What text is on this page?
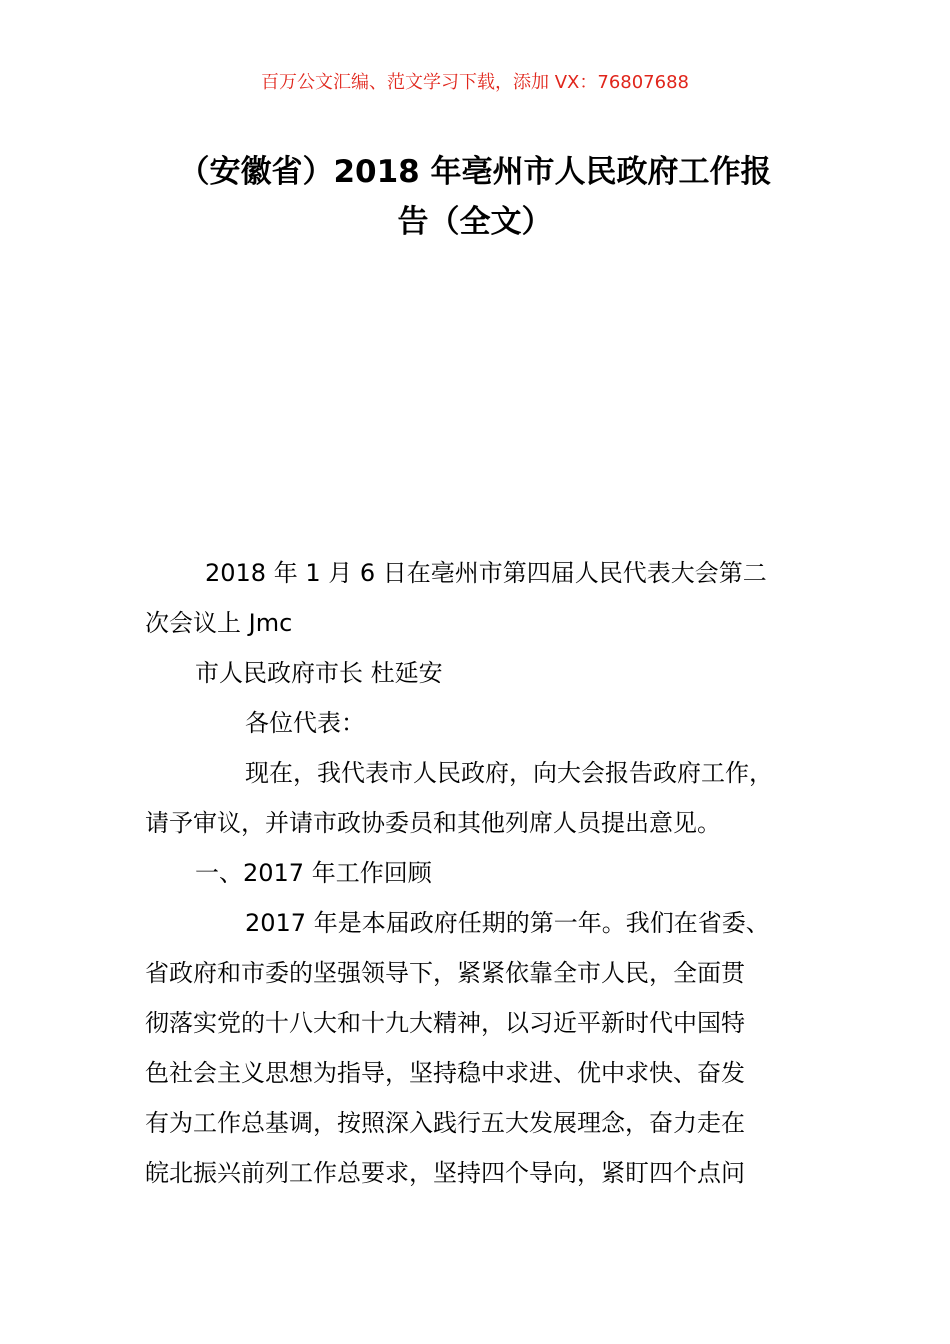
百万公文汇编、范文学习下载，添加 VX：76807688
（安徽省）2018 年亳州市人民政府工作报
告（全文）

2018 年 1 月 6 日在亳州市第四届人民代表大会第二

次会议上 Jmc

市人民政府市长 杜延安

各位代表：

现在，我代表市人民政府，向大会报告政府工作，

请予审议，并请市政协委员和其他列席人员提出意见。

一、2017 年工作回顾

2017 年是本届政府任期的第一年。我们在省委、

省政府和市委的坚强领导下，紧紧依靠全市人民，全面贯

彻落实党的十八大和十九大精神，以习近平新时代中国特

色社会主义思想为指导，坚持稳中求进、优中求快、奋发

有为工作总基调，按照深入践行五大发展理念，奋力走在

皖北振兴前列工作总要求，坚持四个导向，紧盯四个点问
